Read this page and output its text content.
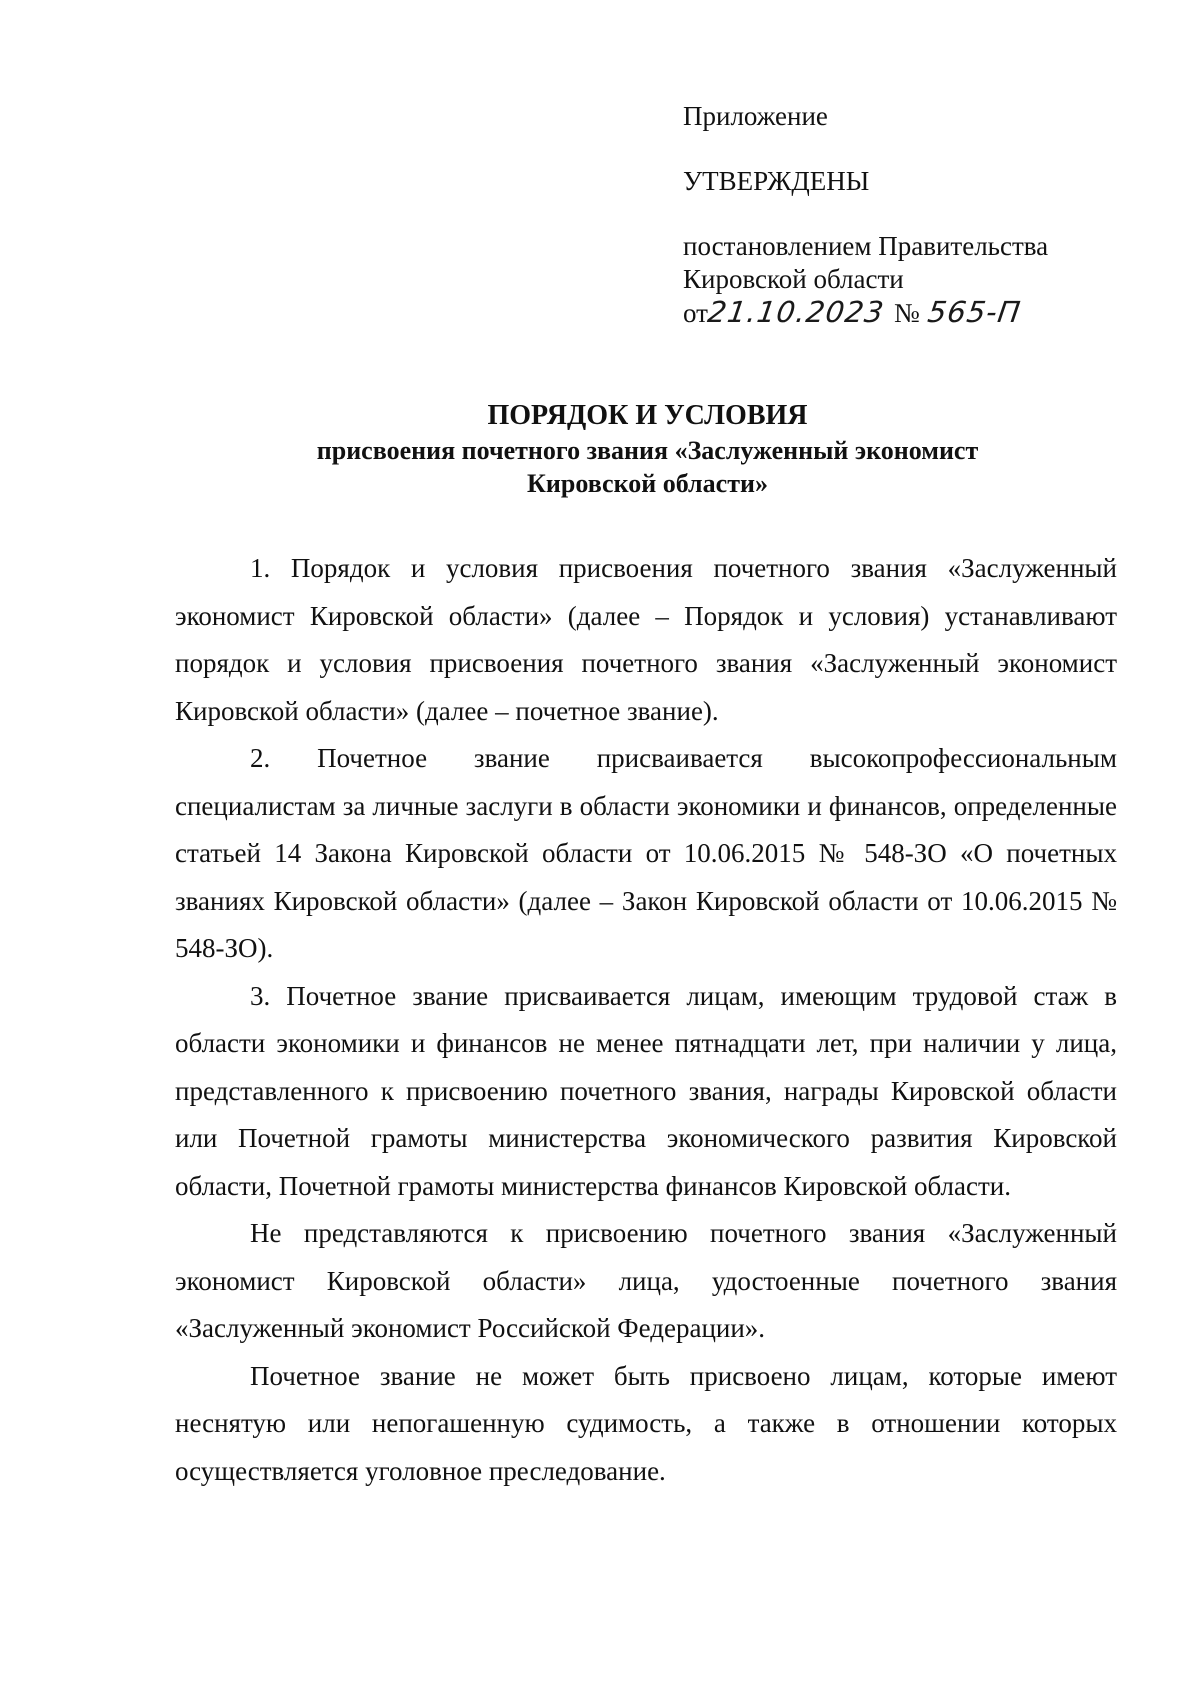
Приложение
УТВЕРЖДЕНЫ
постановлением Правительства
Кировской области
от21.10.2023 № 565-П
ПОРЯДОК И УСЛОВИЯ
присвоения почетного звания «Заслуженный экономист
Кировской области»

1. Порядок и условия присвоения почетного звания «Заслуженный экономист Кировской области» (далее – Порядок и условия) устанавливают порядок и условия присвоения почетного звания «Заслуженный экономист Кировской области» (далее – почетное звание).

2. Почетное звание присваивается высокопрофессиональным специалистам за личные заслуги в области экономики и финансов, определенные статьей 14 Закона Кировской области от 10.06.2015 № 548-ЗО «О почетных званиях Кировской области» (далее – Закон Кировской области от 10.06.2015 № 548-ЗО).

3. Почетное звание присваивается лицам, имеющим трудовой стаж в области экономики и финансов не менее пятнадцати лет, при наличии у лица, представленного к присвоению почетного звания, награды Кировской области или Почетной грамоты министерства экономического развития Кировской области, Почетной грамоты министерства финансов Кировской области.

Не представляются к присвоению почетного звания «Заслуженный экономист Кировской области» лица, удостоенные почетного звания «Заслуженный экономист Российской Федерации».

Почетное звание не может быть присвоено лицам, которые имеют неснятую или непогашенную судимость, а также в отношении которых осуществляется уголовное преследование.
